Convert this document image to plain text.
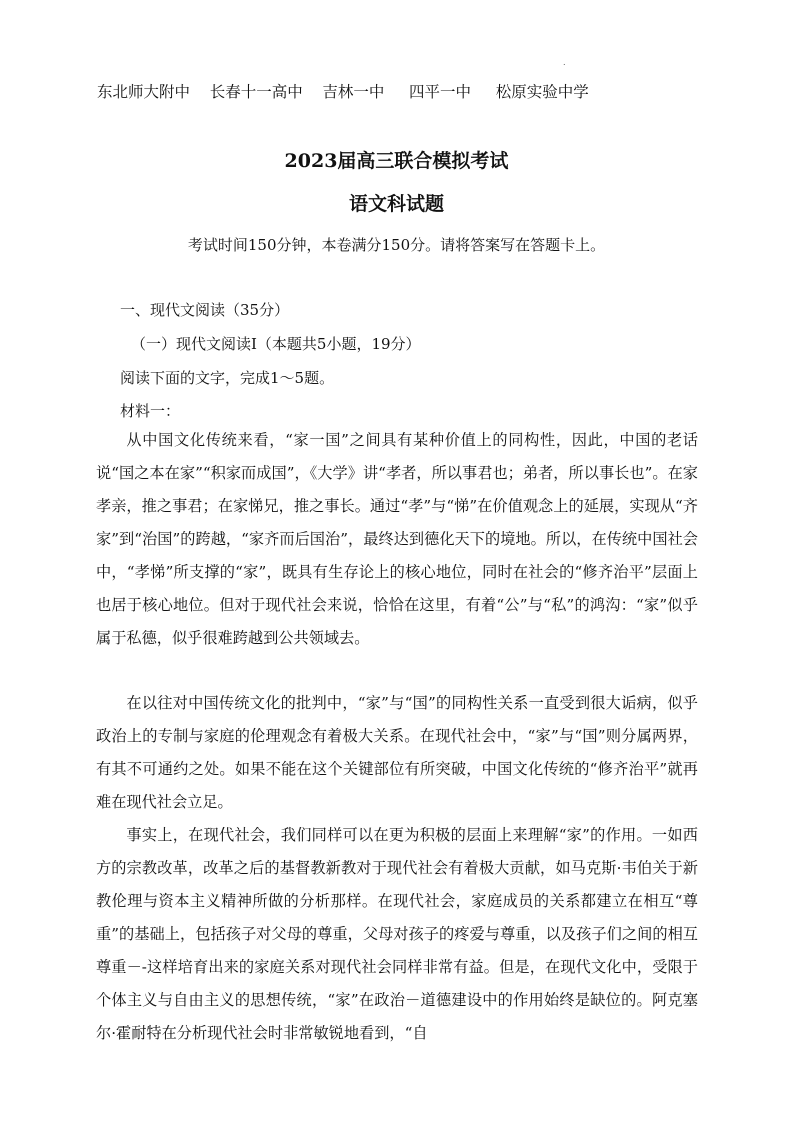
.
东北师大附中    长春十一高中    吉林一中     四平一中     松原实验中学
2023届高三联合模拟考试
语文科试题
考试时间150分钟，本卷满分150分。请将答案写在答题卡上。
一、现代文阅读（35分）
（一）现代文阅读I（本题共5小题，19分）
阅读下面的文字，完成1～5题。
材料一：

从中国文化传统来看，“家一国”之间具有某种价值上的同构性，因此，中国的老话说“国之本在家”“积家而成国”，《大学》讲“孝者，所以事君也；弟者，所以事长也”。在家孝亲，推之事君；在家悌兄，推之事长。通过“孝”与“悌”在价值观念上的延展，实现从“齐家”到“治国”的跨越，“家齐而后国治”，最终达到德化天下的境地。所以，在传统中国社会中，“孝悌”所支撑的“家”，既具有生存论上的核心地位，同时在社会的“修齐治平”层面上也居于核心地位。但对于现代社会来说，恰恰在这里，有着“公”与“私”的鸿沟：“家”似乎属于私德，似乎很难跨越到公共领域去。

在以往对中国传统文化的批判中，“家”与“国”的同构性关系一直受到很大诟病，似乎政治上的专制与家庭的伦理观念有着极大关系。在现代社会中，“家”与“国”则分属两界，有其不可通约之处。如果不能在这个关键部位有所突破，中国文化传统的“修齐治平”就再难在现代社会立足。

事实上，在现代社会，我们同样可以在更为积极的层面上来理解“家”的作用。一如西方的宗教改革，改革之后的基督教新教对于现代社会有着极大贡献，如马克斯·韦伯关于新教伦理与资本主义精神所做的分析那样。在现代社会，家庭成员的关系都建立在相互“尊重”的基础上，包括孩子对父母的尊重，父母对孩子的疼爱与尊重，以及孩子们之间的相互尊重－-这样培育出来的家庭关系对现代社会同样非常有益。但是，在现代文化中，受限于个体主义与自由主义的思想传统，“家”在政治－道德建设中的作用始终是缺位的。阿克塞尔·霍耐特在分析现代社会时非常敏锐地看到，“自
